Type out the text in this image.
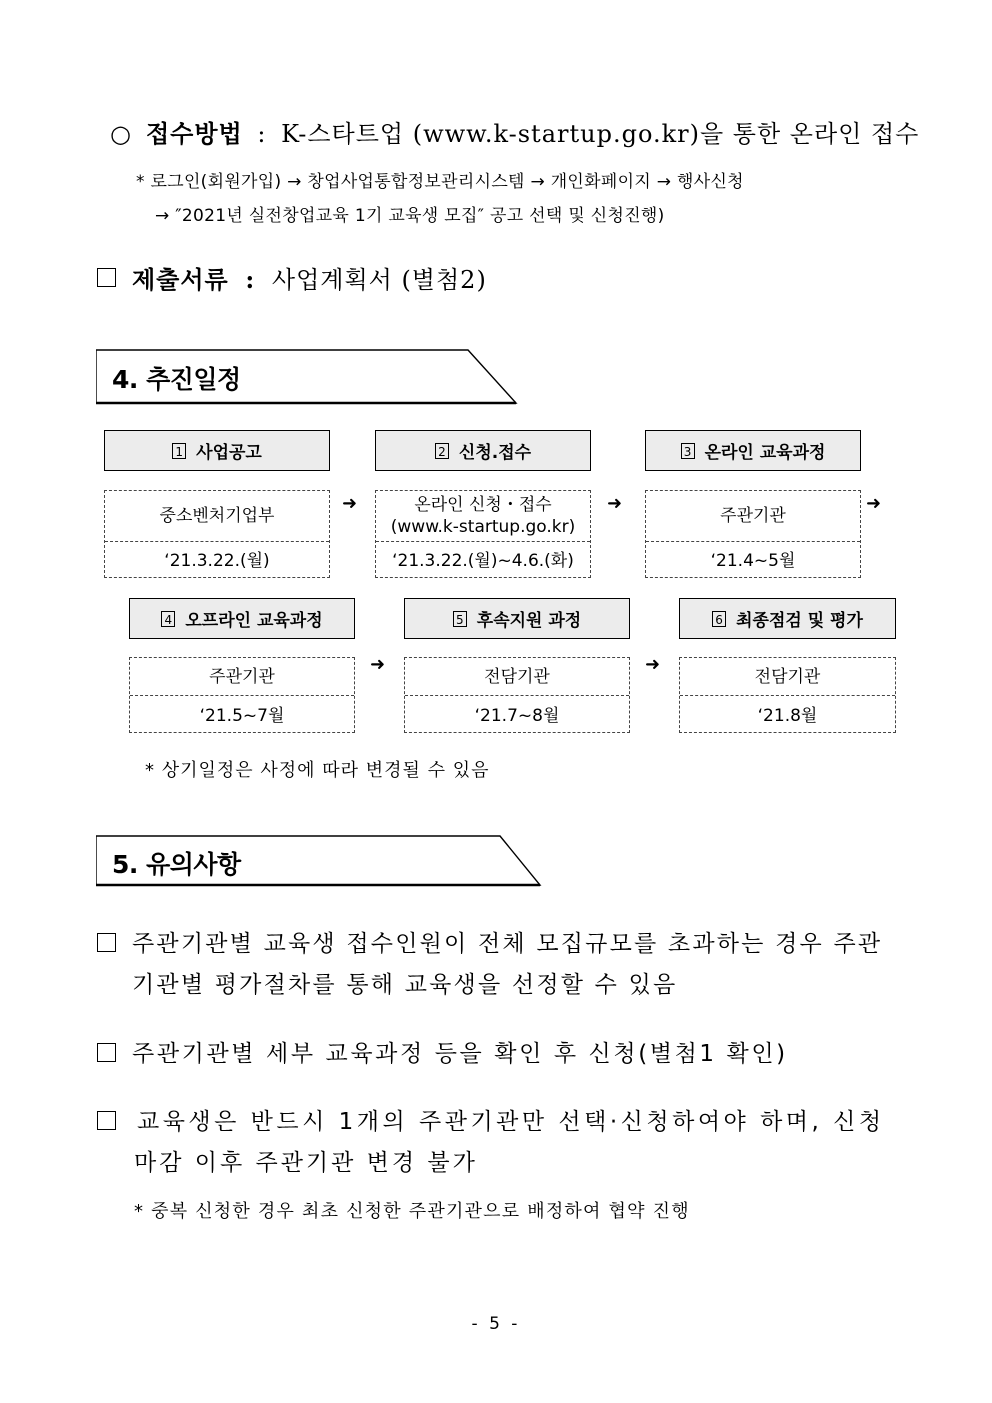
○ 접수방법 : K-스타트업 (www.k-startup.go.kr)을 통한 온라인 접수
* 로그인(회원가입) → 창업사업통합정보관리시스템 → 개인화페이지 → 행사신청
→ ″2021년 실전창업교육 1기 교육생 모집″ 공고 선택 및 신청진행)
제출서류 : 사업계획서 (별첨2)
4. 추진일정
1 사업공고
중소벤처기업부
‘21.3.22.(월)
➜
2 신청.접수
온라인 신청・접수
(www.k-startup.go.kr)
‘21.3.22.(월)~4.6.(화)
➜
3 온라인 교육과정
주관기관
‘21.4~5월
➜
4 오프라인 교육과정
주관기관
‘21.5~7월
➜
5 후속지원 과정
전담기관
‘21.7~8월
➜
6 최종점검 및 평가
전담기관
‘21.8월
* 상기일정은 사정에 따라 변경될 수 있음
5. 유의사항
주관기관별 교육생 접수인원이 전체 모집규모를 초과하는 경우 주관
기관별 평가절차를 통해 교육생을 선정할 수 있음
주관기관별 세부 교육과정 등을 확인 후 신청(별첨1 확인)
교육생은 반드시 1개의 주관기관만 선택·신청하여야 하며, 신청
마감 이후 주관기관 변경 불가
* 중복 신청한 경우 최초 신청한 주관기관으로 배정하여 협약 진행
- 5 -
